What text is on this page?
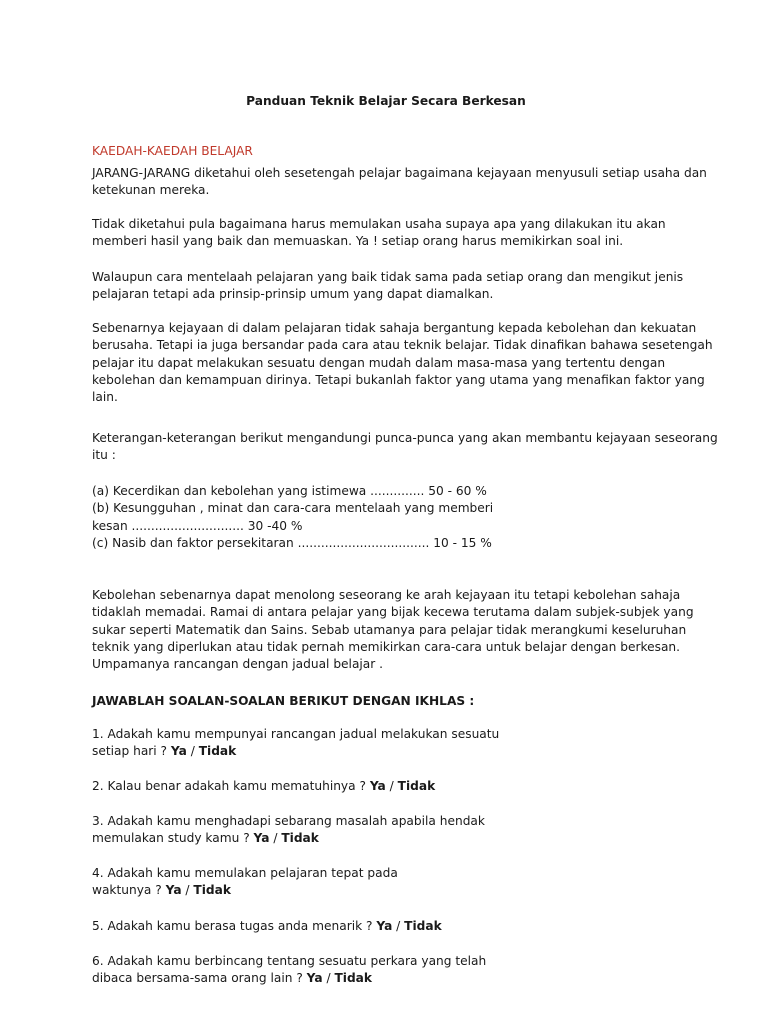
Panduan Teknik Belajar Secara Berkesan
KAEDAH-KAEDAH BELAJAR
JARANG-JARANG diketahui oleh sesetengah pelajar bagaimana kejayaan menyusuli setiap usaha dan
ketekunan mereka.
Tidak diketahui pula bagaimana harus memulakan usaha supaya apa yang dilakukan itu akan
memberi hasil yang baik dan memuaskan. Ya ! setiap orang harus memikirkan soal ini.
Walaupun cara mentelaah pelajaran yang baik tidak sama pada setiap orang dan mengikut jenis
pelajaran tetapi ada prinsip-prinsip umum yang dapat diamalkan.
Sebenarnya kejayaan di dalam pelajaran tidak sahaja bergantung kepada kebolehan dan kekuatan
berusaha. Tetapi ia juga bersandar pada cara atau teknik belajar. Tidak dinafikan bahawa sesetengah
pelajar itu dapat melakukan sesuatu dengan mudah dalam masa-masa yang tertentu dengan
kebolehan dan kemampuan dirinya. Tetapi bukanlah faktor yang utama yang menafikan faktor yang
lain.
Keterangan-keterangan berikut mengandungi punca-punca yang akan membantu kejayaan seseorang
itu :
(a) Kecerdikan dan kebolehan yang istimewa .............. 50 - 60 %
(b) Kesungguhan , minat dan cara-cara mentelaah yang memberi
kesan ............................. 30 -40 %
(c) Nasib dan faktor persekitaran .................................. 10 - 15 %
Kebolehan sebenarnya dapat menolong seseorang ke arah kejayaan itu tetapi kebolehan sahaja
tidaklah memadai. Ramai di antara pelajar yang bijak kecewa terutama dalam subjek-subjek yang
sukar seperti Matematik dan Sains. Sebab utamanya para pelajar tidak merangkumi keseluruhan
teknik yang diperlukan atau tidak pernah memikirkan cara-cara untuk belajar dengan berkesan.
Umpamanya rancangan dengan jadual belajar .
JAWABLAH SOALAN-SOALAN BERIKUT DENGAN IKHLAS :
1. Adakah kamu mempunyai rancangan jadual melakukan sesuatu
setiap hari ? Ya / Tidak
2. Kalau benar adakah kamu mematuhinya ? Ya / Tidak
3. Adakah kamu menghadapi sebarang masalah apabila hendak
memulakan study kamu ? Ya / Tidak
4. Adakah kamu memulakan pelajaran tepat pada
waktunya ? Ya / Tidak
5. Adakah kamu berasa tugas anda menarik ? Ya / Tidak
6. Adakah kamu berbincang tentang sesuatu perkara yang telah
dibaca bersama-sama orang lain ? Ya / Tidak
